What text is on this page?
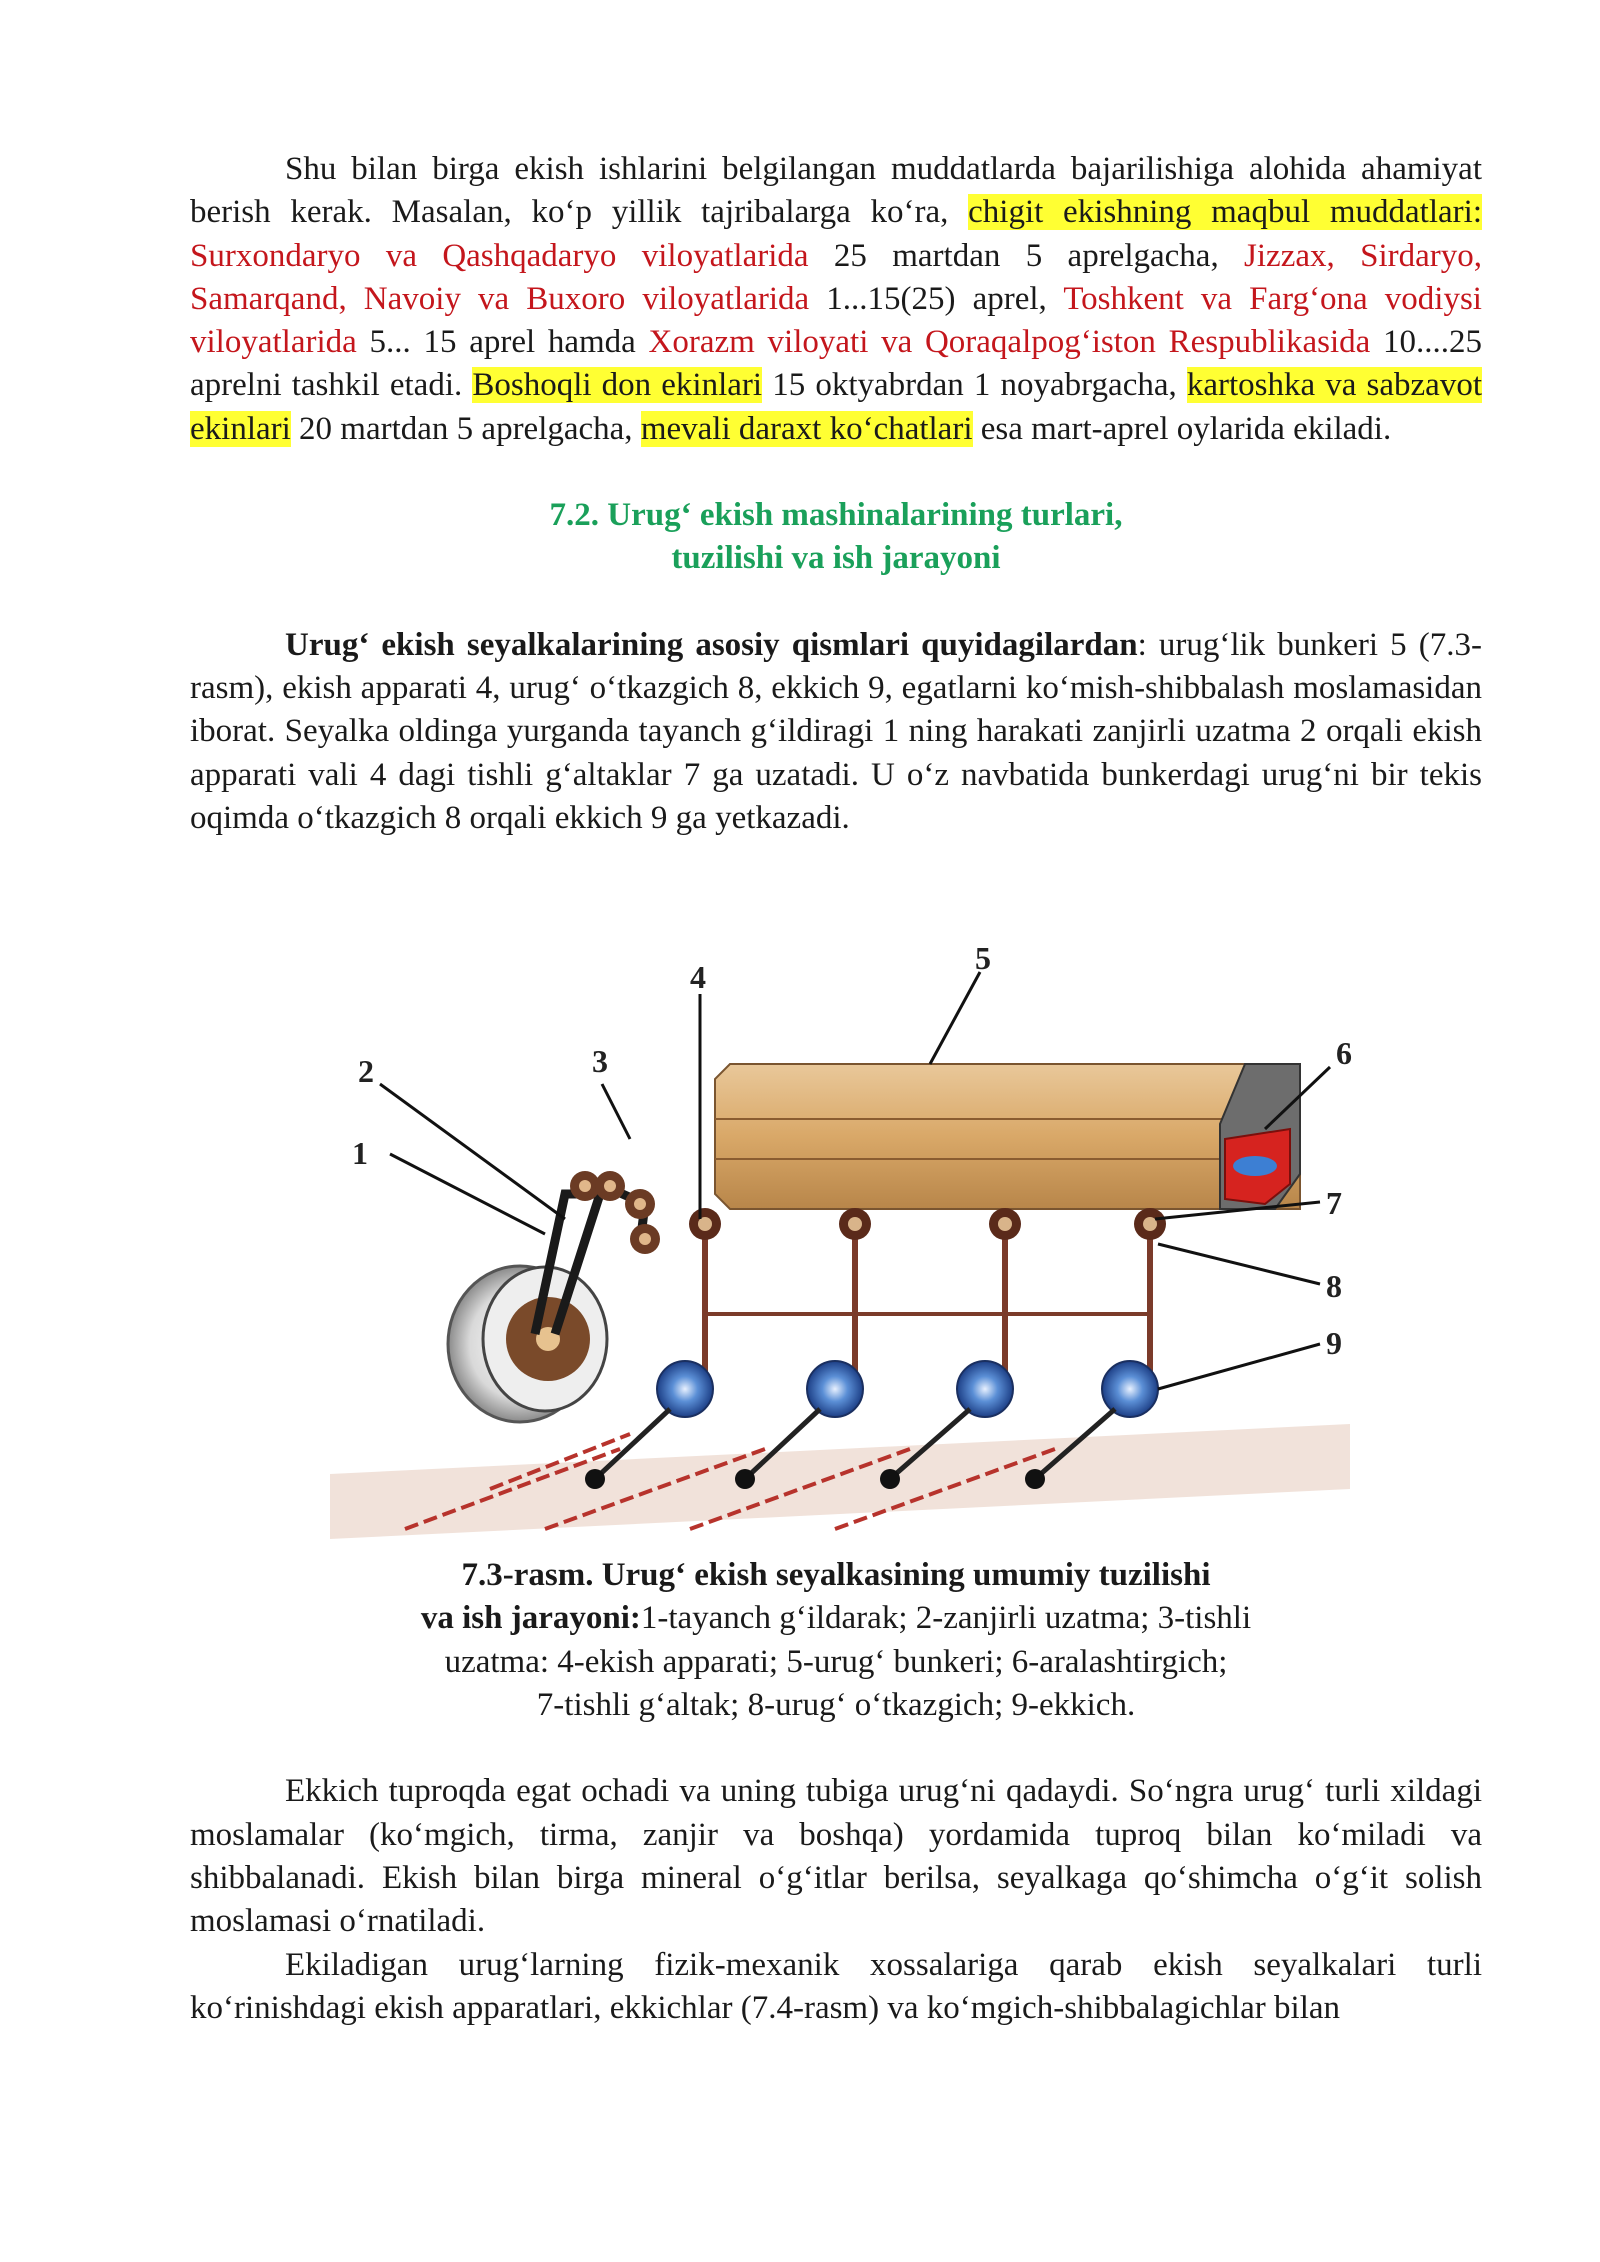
Shu bilan birga ekish ishlarini belgilangan muddatlarda bajarilishiga alohida ahamiyat berish kerak. Masalan, ko‘p yillik tajribalarga ko‘ra, chigit ekishning maqbul muddatlari: Surxondaryo va Qashqadaryo viloyatlarida 25 martdan 5 aprelgacha, Jizzax, Sirdaryo, Samarqand, Navoiy va Buxoro viloyatlarida 1...15(25) aprel, Toshkent va Farg‘ona vodiysi viloyatlarida 5... 15 aprel hamda Xorazm viloyati va Qoraqalpog‘iston Respublikasida 10....25 aprelni tashkil etadi. Boshoqli don ekinlari 15 oktyabrdan 1 noyabrgacha, kartoshka va sabzavot ekinlari 20 martdan 5 aprelgacha, mevali daraxt ko‘chatlari esa mart-aprel oylarida ekiladi.

7.2. Urug‘ ekish mashinalarining turlari,
tuzilishi va ish jarayoni

Urug‘ ekish seyalkalarining asosiy qismlari quyidagilardan: urug‘lik bunkeri 5 (7.3-rasm), ekish apparati 4, urug‘ o‘tkazgich 8, ekkich 9, egatlarni ko‘mish-shibbalash moslamasidan iborat. Seyalka oldinga yurganda tayanch g‘ildiragi 1 ning harakati zanjirli uzatma 2 orqali ekish apparati vali 4 dagi tishli g‘altaklar 7 ga uzatadi. U o‘z navbatida bunkerdagi urug‘ni bir tekis oqimda o‘tkazgich 8 orqali ekkich 9 ga yetkazadi.

1
2	3
4
5
6
7
8
9

7.3-rasm. Urug‘ ekish seyalkasining umumiy tuzilishi
va ish jarayoni:1-tayanch g‘ildarak; 2-zanjirli uzatma; 3-tishli
uzatma: 4-ekish apparati; 5-urug‘ bunkeri; 6-aralashtirgich;
7-tishli g‘altak; 8-urug‘ o‘tkazgich; 9-ekkich.

Ekkich tuproqda egat ochadi va uning tubiga urug‘ni qadaydi. So‘ngra urug‘ turli xildagi moslamalar (ko‘mgich, tirma, zanjir va boshqa) yordamida tuproq bilan ko‘miladi va shibbalanadi. Ekish bilan birga mineral o‘g‘itlar berilsa, seyalkaga qo‘shimcha o‘g‘it solish moslamasi o‘rnatiladi.

Ekiladigan urug‘larning fizik-mexanik xossalariga qarab ekish seyalkalari turli ko‘rinishdagi ekish apparatlari, ekkichlar (7.4-rasm) va ko‘mgich-shibbalagichlar bilan
